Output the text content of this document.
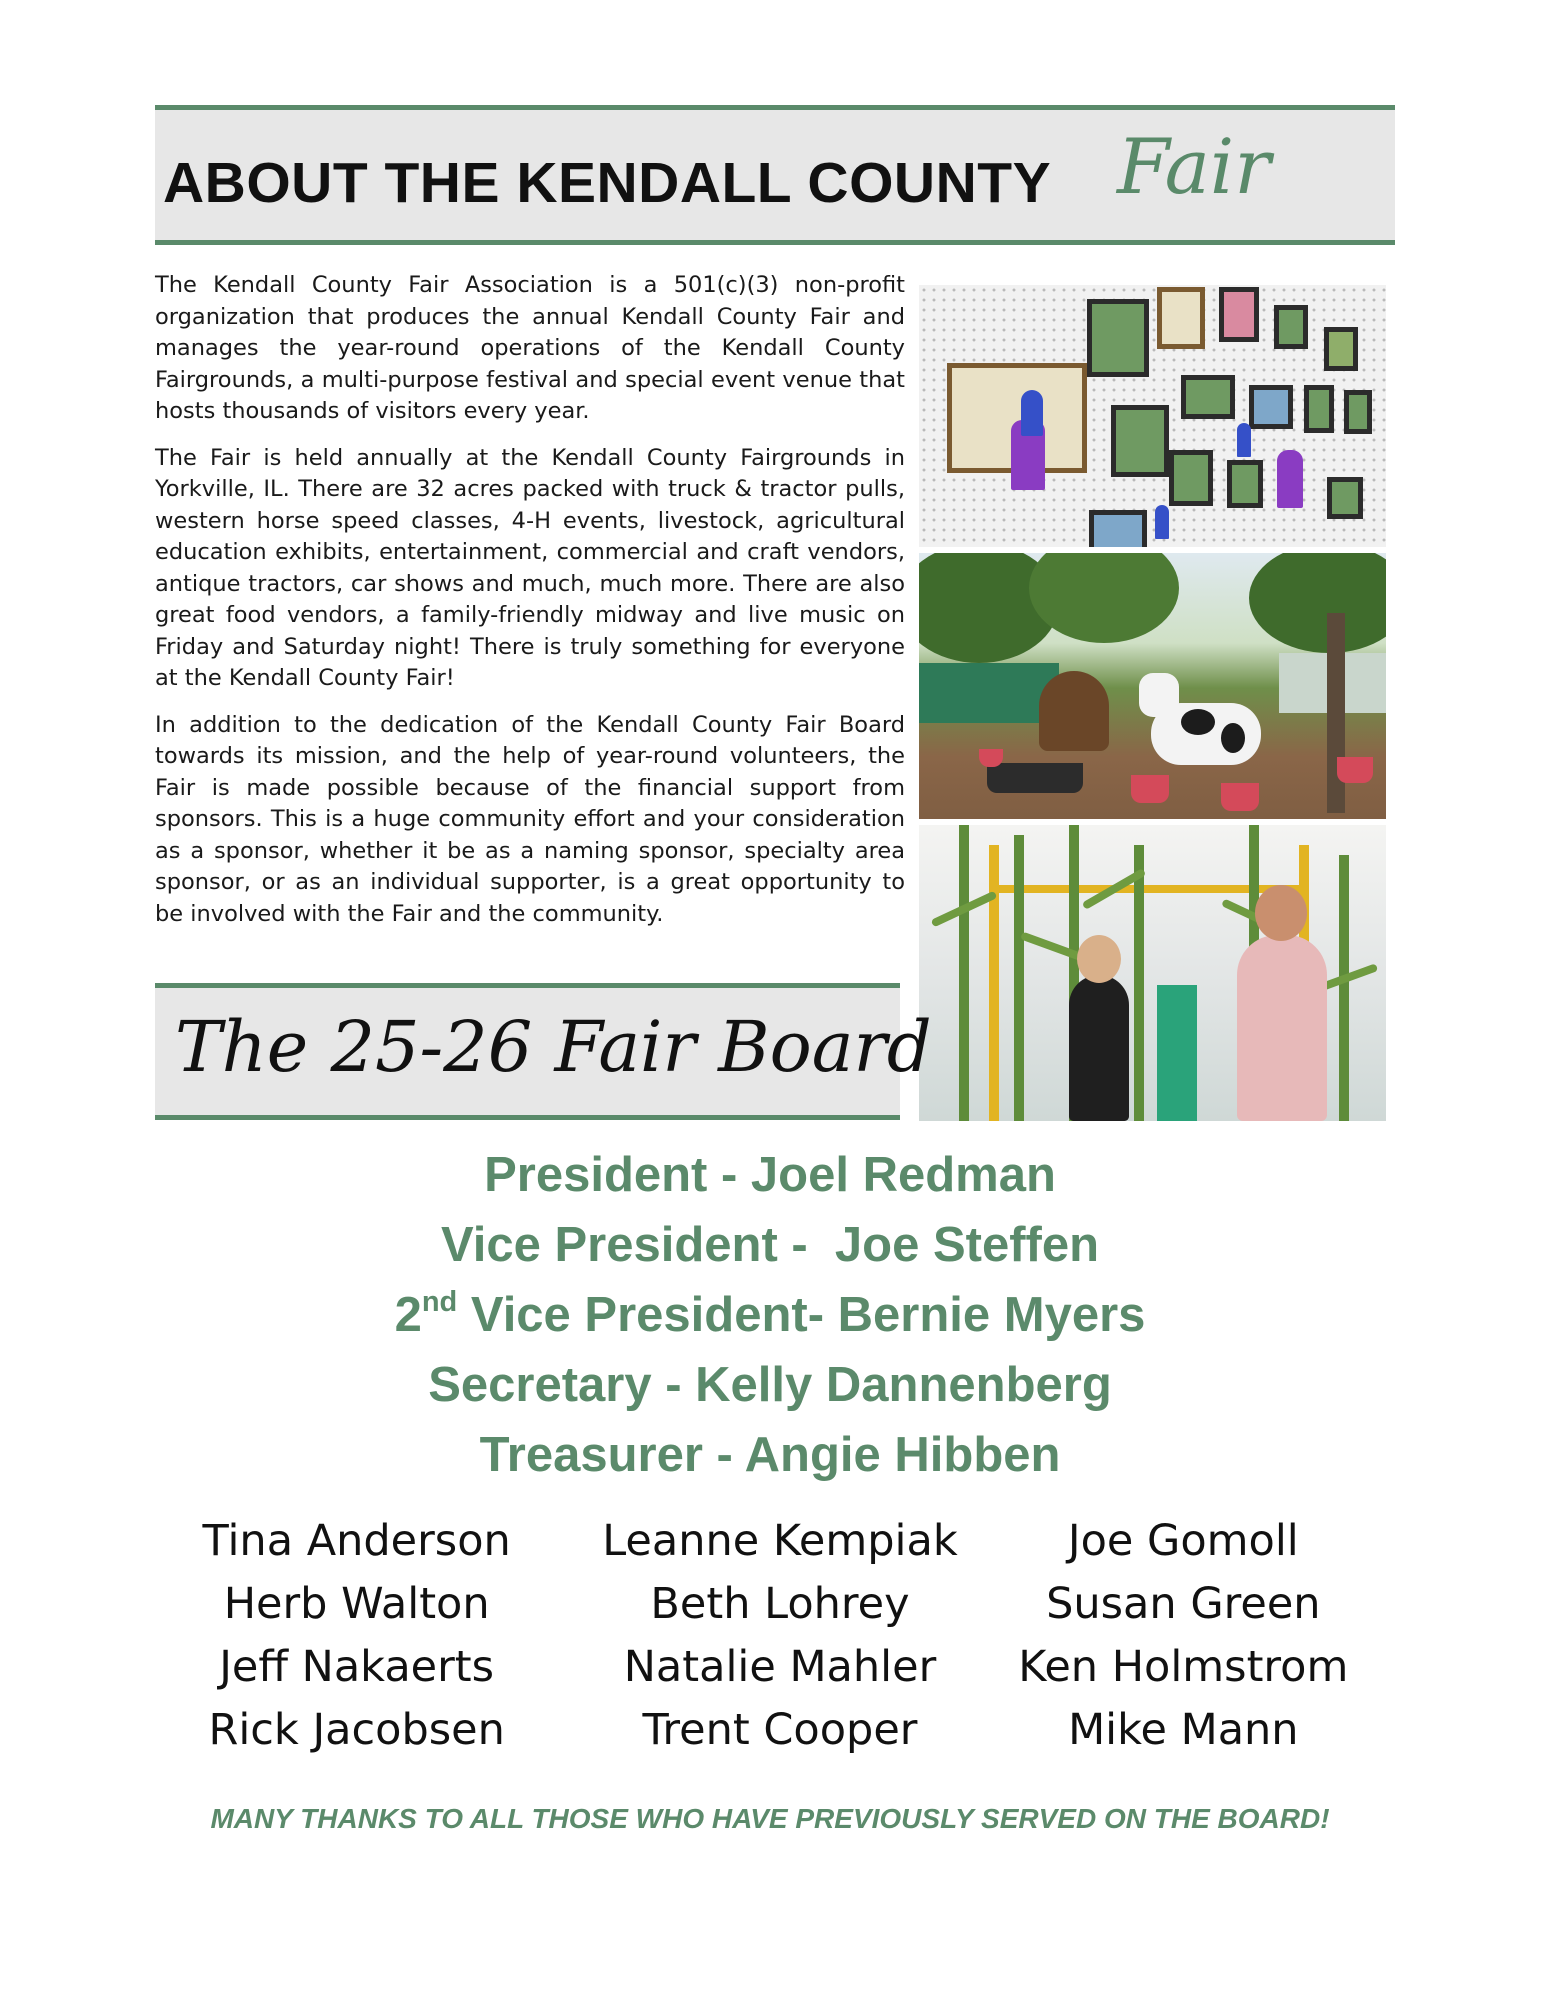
ABOUT THE KENDALL COUNTY Fair

The Kendall County Fair Association is a 501(c)(3) non-profit organization that produces the annual Kendall County Fair and manages the year-round operations of the Kendall County Fairgrounds, a multi-purpose festival and special event venue that hosts thousands of visitors every year.

The Fair is held annually at the Kendall County Fairgrounds in Yorkville, IL. There are 32 acres packed with truck & tractor pulls, western horse speed classes, 4-H events, livestock, agricultural education exhibits, entertainment, commercial and craft vendors, antique tractors, car shows and much, much more. There are also great food vendors, a family-friendly midway and live music on Friday and Saturday night! There is truly something for everyone at the Kendall County Fair!

In addition to the dedication of the Kendall County Fair Board towards its mission, and the help of year-round volunteers, the Fair is made possible because of the financial support from sponsors. This is a huge community effort and your consideration as a sponsor, whether it be as a naming sponsor, specialty area sponsor, or as an individual supporter, is a great opportunity to be involved with the Fair and the community.

The 25-26 Fair Board
President - Joel Redman
Vice President -  Joe Steffen
2nd Vice President- Bernie Myers
Secretary - Kelly Dannenberg
Treasurer - Angie Hibben
Tina Anderson
Herb Walton
Jeff Nakaerts
Rick Jacobsen
Leanne Kempiak
Beth Lohrey
Natalie Mahler
Trent Cooper
Joe Gomoll
Susan Green
Ken Holmstrom
Mike Mann
MANY THANKS TO ALL THOSE WHO HAVE PREVIOUSLY SERVED ON THE BOARD!
